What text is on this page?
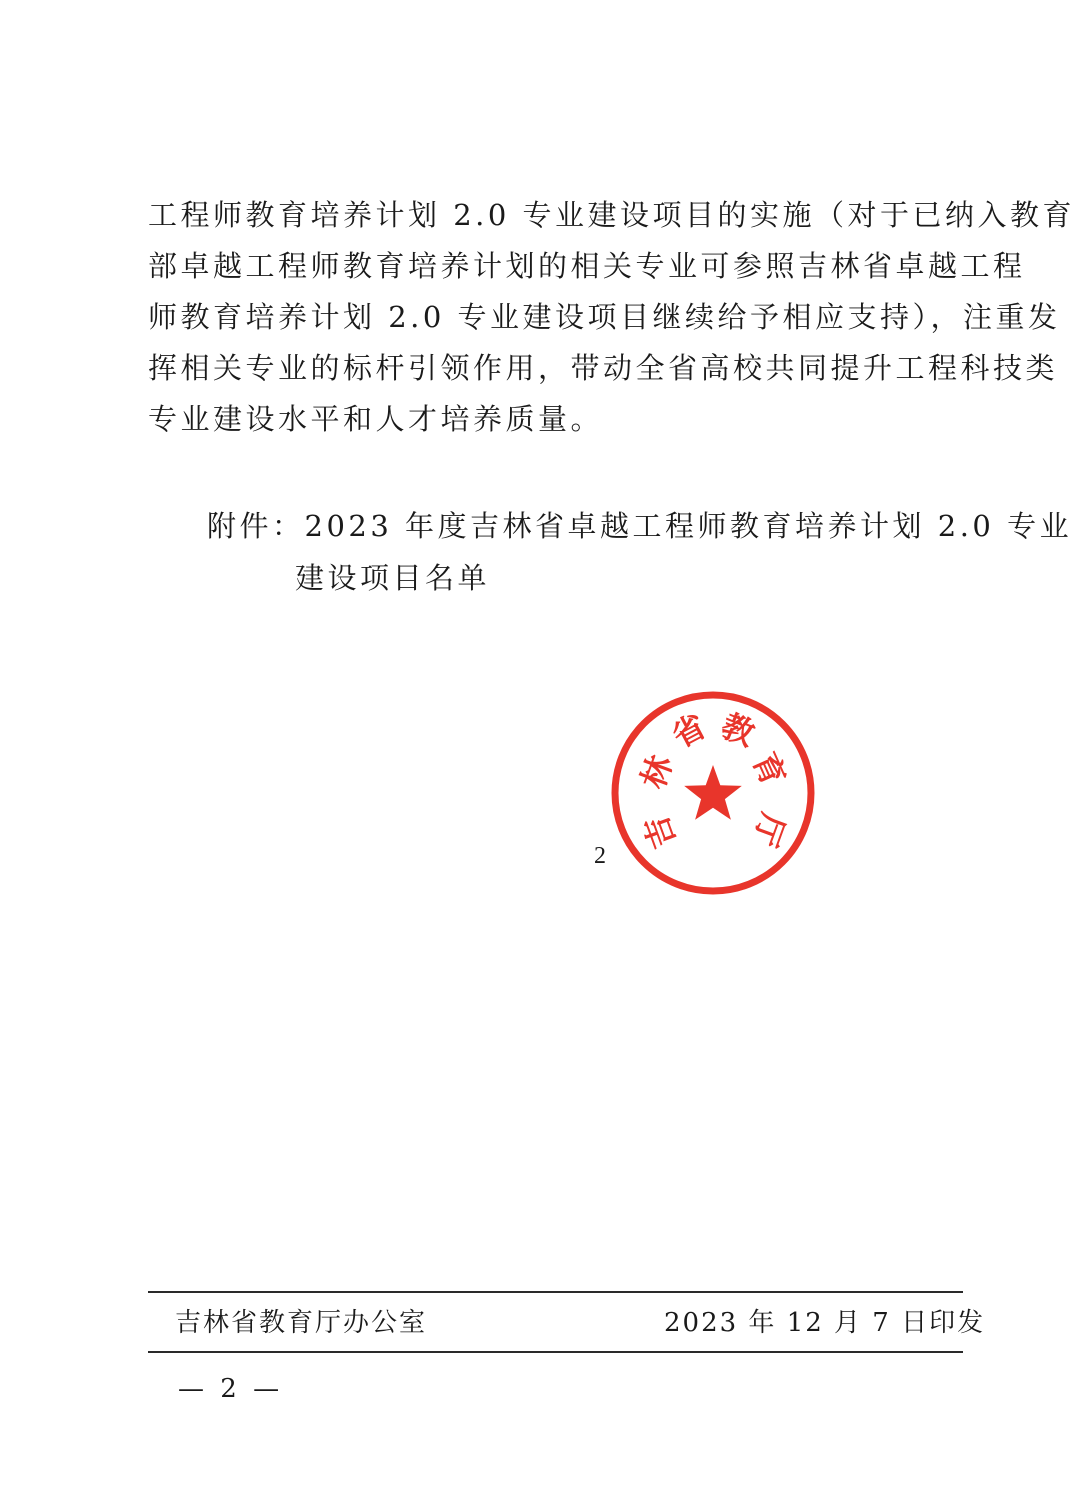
工程师教育培养计划 2.0 专业建设项目的实施（对于已纳入教育
部卓越工程师教育培养计划的相关专业可参照吉林省卓越工程
师教育培养计划 2.0 专业建设项目继续给予相应支持），注重发
挥相关专业的标杆引领作用，带动全省高校共同提升工程科技类
专业建设水平和人才培养质量。
附件：2023 年度吉林省卓越工程师教育培养计划 2.0 专业
建设项目名单
吉
林
省 教
育
厅
2
吉林省教育厅办公室	2023 年 12 月 7 日印发
— 2 —
